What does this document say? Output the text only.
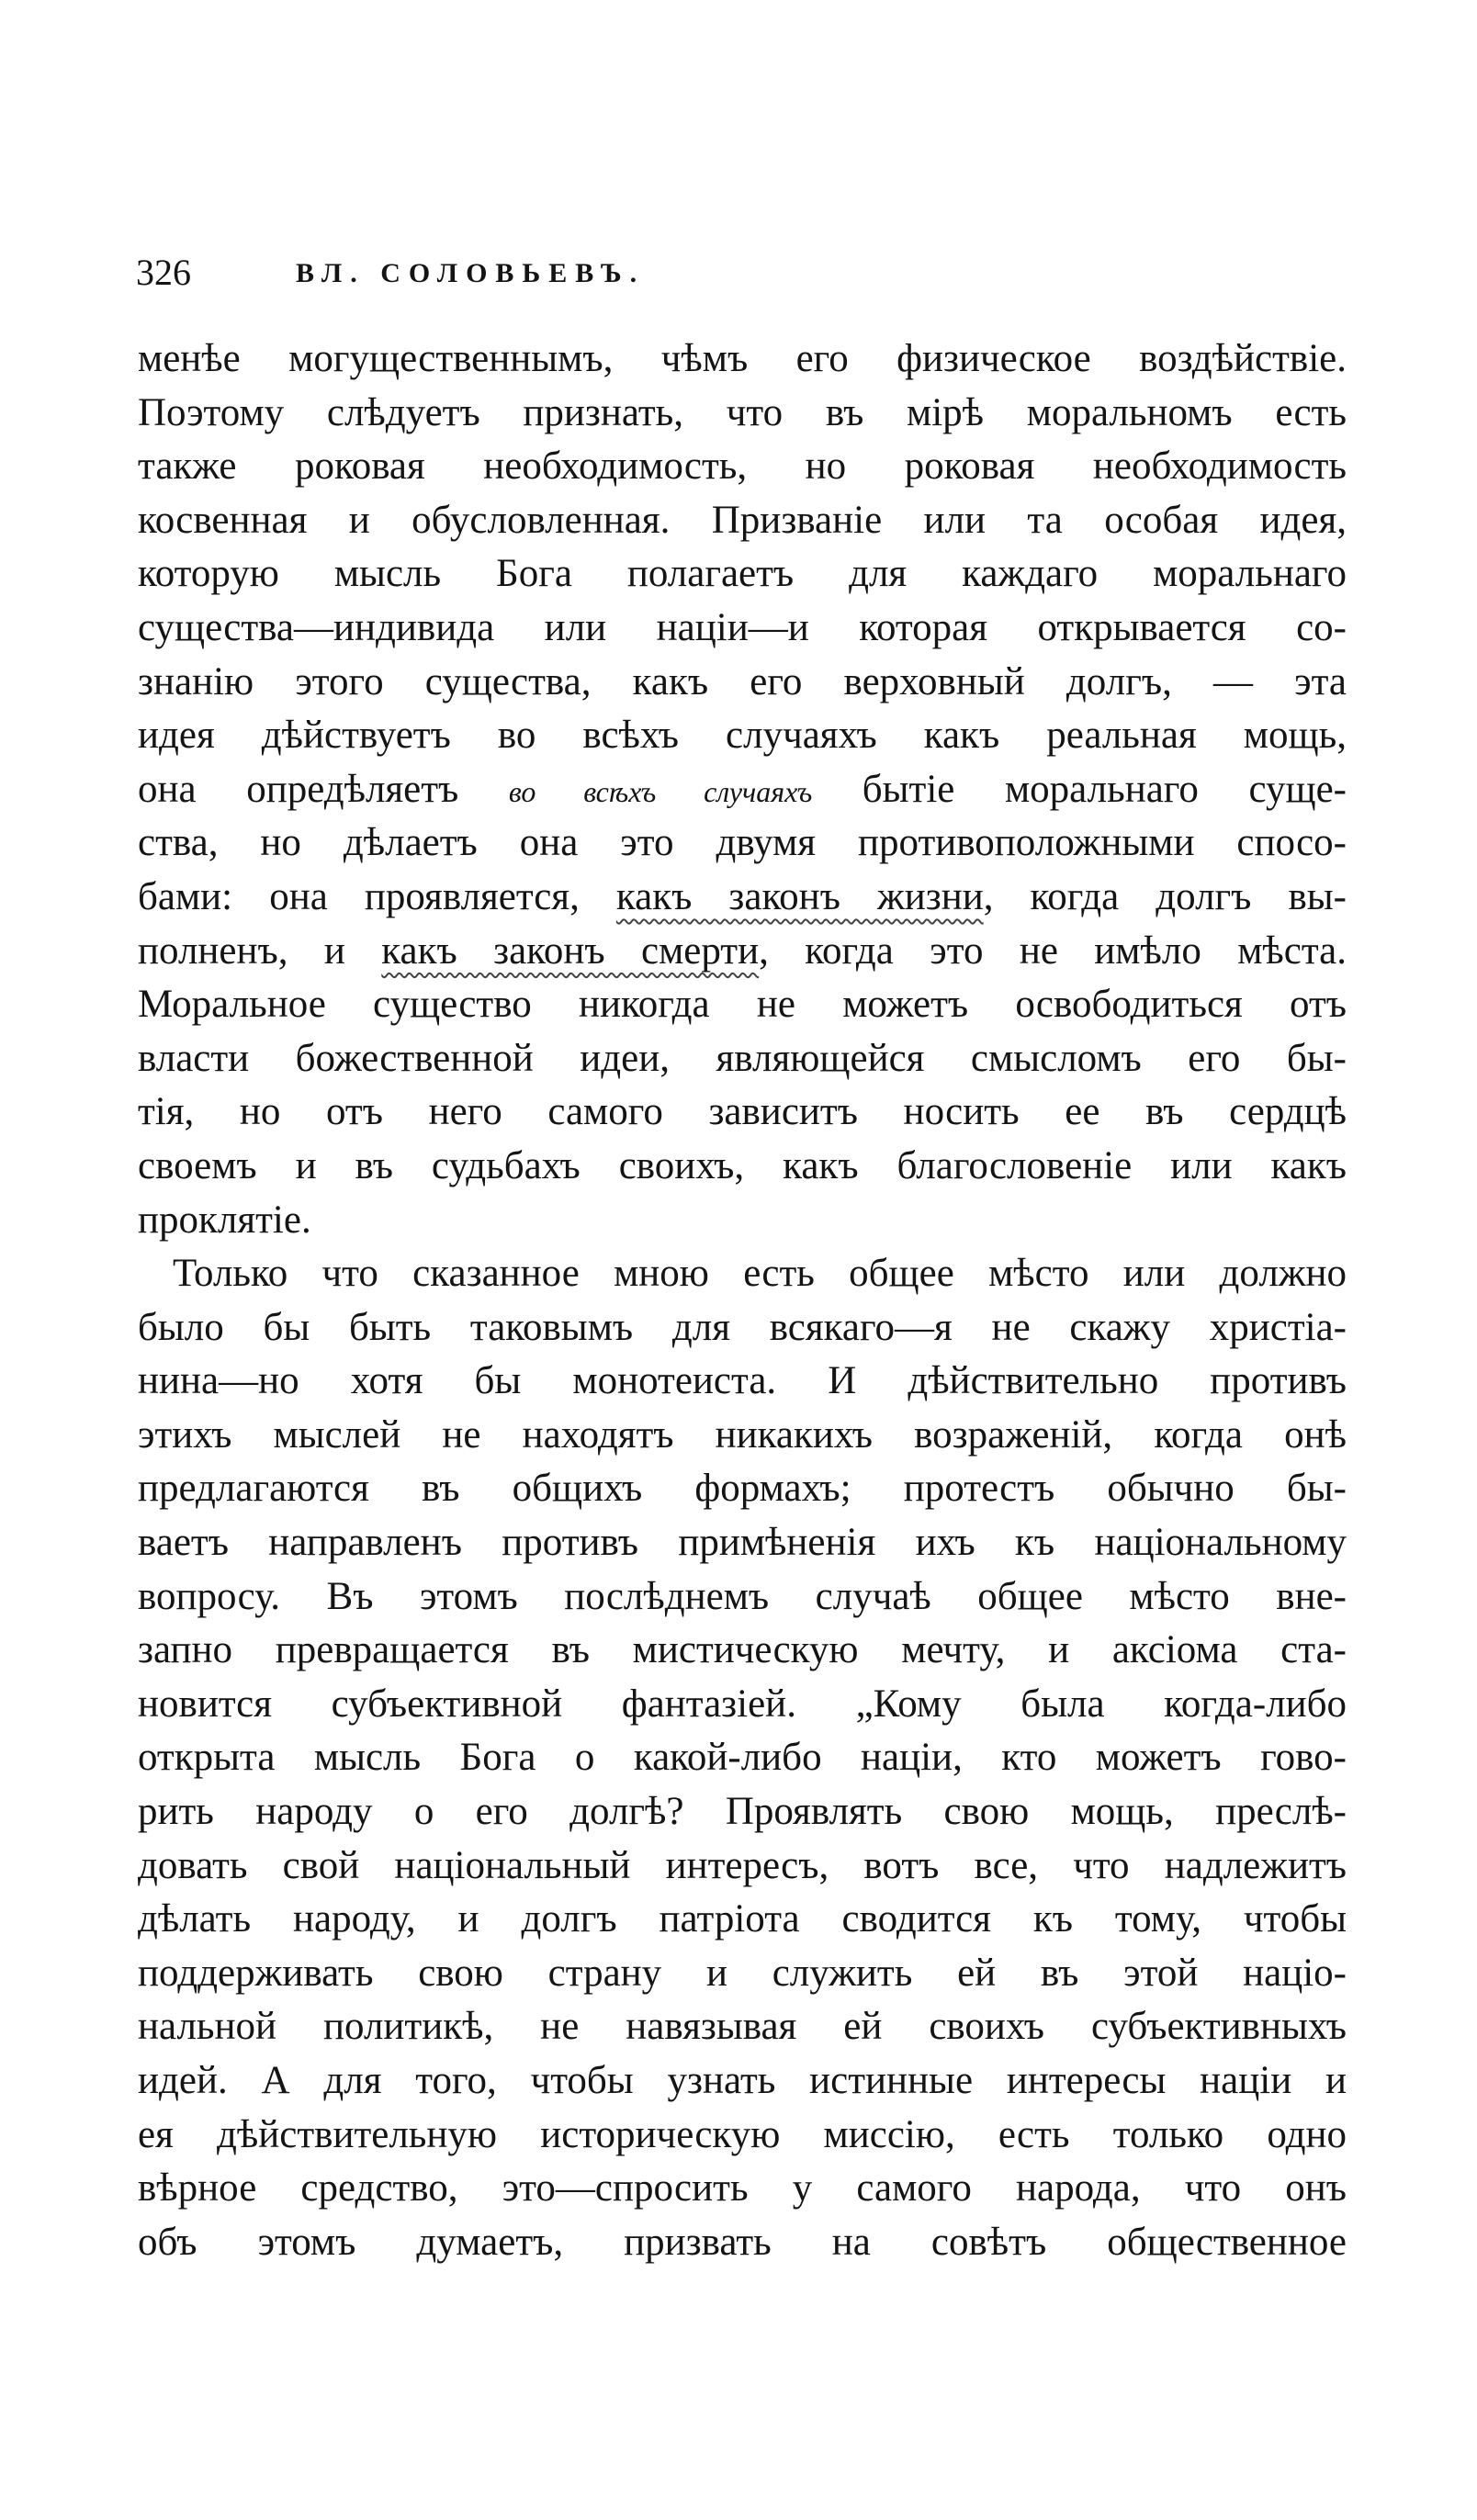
326	ВЛ. СОЛОВЬЕВЪ.
менѣе могущественнымъ, чѣмъ его физическое воздѣйствіе.
Поэтому слѣдуетъ признать, что въ мірѣ моральномъ есть
также роковая необходимость, но роковая необходимость
косвенная и обусловленная. Призваніе или та особая идея,
которую мысль Бога полагаетъ для каждаго моральнаго
существа—индивида или націи—и которая открывается со-
знанію этого существа, какъ его верховный долгъ, — эта
идея дѣйствуетъ во всѣхъ случаяхъ какъ реальная мощь,
она опредѣляетъ во всѣхъ случаяхъ бытіе моральнаго суще-
ства, но дѣлаетъ она это двумя противоположными спосо-
бами: она проявляется, какъ законъ жизни, когда долгъ вы-
полненъ, и какъ законъ смерти, когда это не имѣло мѣста.
Моральное существо никогда не можетъ освободиться отъ
власти божественной идеи, являющейся смысломъ его бы-
тія, но отъ него самого зависитъ носить ее въ сердцѣ
своемъ и въ судьбахъ своихъ, какъ благословеніе или какъ
проклятіе.
Только что сказанное мною есть общее мѣсто или должно
было бы быть таковымъ для всякаго—я не скажу христіа-
нина—но хотя бы монотеиста. И дѣйствительно противъ
этихъ мыслей не находятъ никакихъ возраженій, когда онѣ
предлагаются въ общихъ формахъ; протестъ обычно бы-
ваетъ направленъ противъ примѣненія ихъ къ національному
вопросу. Въ этомъ послѣднемъ случаѣ общее мѣсто вне-
запно превращается въ мистическую мечту, и аксіома ста-
новится субъективной фантазіей. „Кому была когда-либо
открыта мысль Бога о какой-либо націи, кто можетъ гово-
рить народу о его долгѣ? Проявлять свою мощь, преслѣ-
довать свой національный интересъ, вотъ все, что надлежитъ
дѣлать народу, и долгъ патріота сводится къ тому, чтобы
поддерживать свою страну и служить ей въ этой націо-
нальной политикѣ, не навязывая ей своихъ субъективныхъ
идей. А для того, чтобы узнать истинные интересы націи и
ея дѣйствительную историческую миссію, есть только одно
вѣрное средство, это—спросить у самого народа, что онъ
объ этомъ думаетъ, призвать на совѣтъ общественное
